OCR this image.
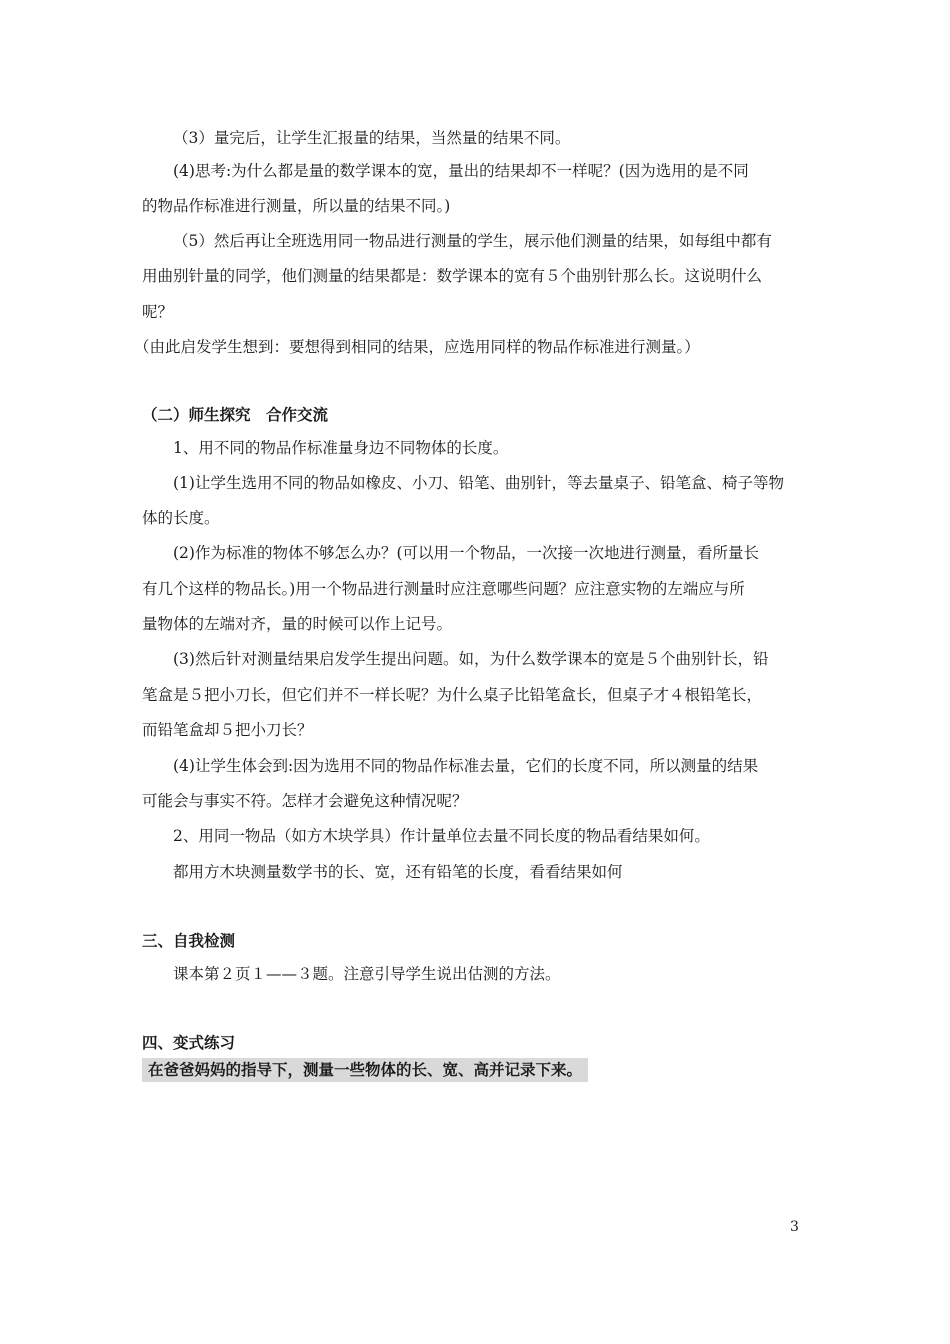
（3）量完后，让学生汇报量的结果，当然量的结果不同。
(4)思考:为什么都是量的数学课本的宽，量出的结果却不一样呢？(因为选用的是不同
的物品作标准进行测量，所以量的结果不同。)
（5）然后再让全班选用同一物品进行测量的学生，展示他们测量的结果，如每组中都有
用曲别针量的同学，他们测量的结果都是：数学课本的宽有５个曲别针那么长。这说明什么
呢？
（由此启发学生想到：要想得到相同的结果，应选用同样的物品作标准进行测量。）
（二）师生探究　合作交流
1、用不同的物品作标准量身边不同物体的长度。
(1)让学生选用不同的物品如橡皮、小刀、铅笔、曲别针，等去量桌子、铅笔盒、椅子等物
体的长度。
(2)作为标准的物体不够怎么办？(可以用一个物品，一次接一次地进行测量，看所量长
有几个这样的物品长。)用一个物品进行测量时应注意哪些问题？应注意实物的左端应与所
量物体的左端对齐，量的时候可以作上记号。
(3)然后针对测量结果启发学生提出问题。如，为什么数学课本的宽是５个曲别针长，铅
笔盒是５把小刀长，但它们并不一样长呢？为什么桌子比铅笔盒长，但桌子才４根铅笔长，
而铅笔盒却５把小刀长？
(4)让学生体会到:因为选用不同的物品作标准去量，它们的长度不同，所以测量的结果
可能会与事实不符。怎样才会避免这种情况呢？
2、用同一物品（如方木块学具）作计量单位去量不同长度的物品看结果如何。
都用方木块测量数学书的长、宽，还有铅笔的长度，看看结果如何
三、自我检测
课本第２页１——３题。注意引导学生说出估测的方法。
四、变式练习
在爸爸妈妈的指导下，测量一些物体的长、宽、高并记录下来。
3
